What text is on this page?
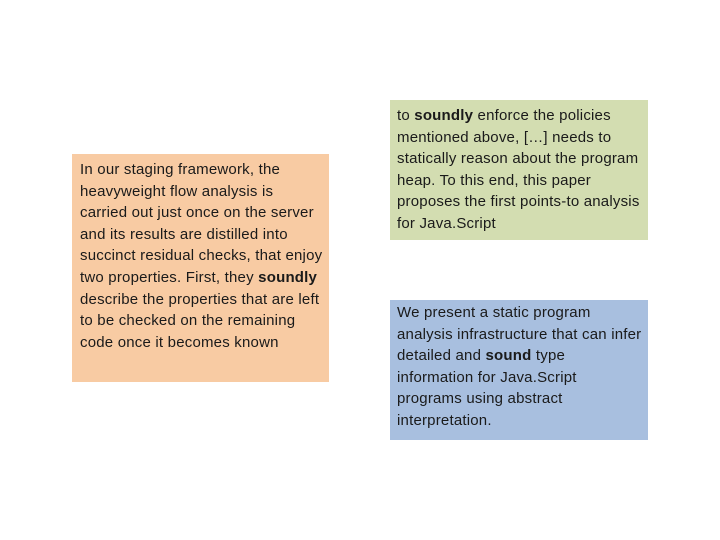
In our staging framework, the heavyweight flow analysis is carried out just once on the server and its results are distilled into succinct residual checks, that enjoy two properties. First, they soundly describe the properties that are left to be checked on the remaining code once it becomes known

to soundly enforce the policies mentioned above, […] needs to statically reason about the program heap. To this end, this paper proposes the first points-to analysis for Java.Script

We present a static program analysis infrastructure that can infer detailed and sound type information for Java.Script programs using abstract interpretation.
